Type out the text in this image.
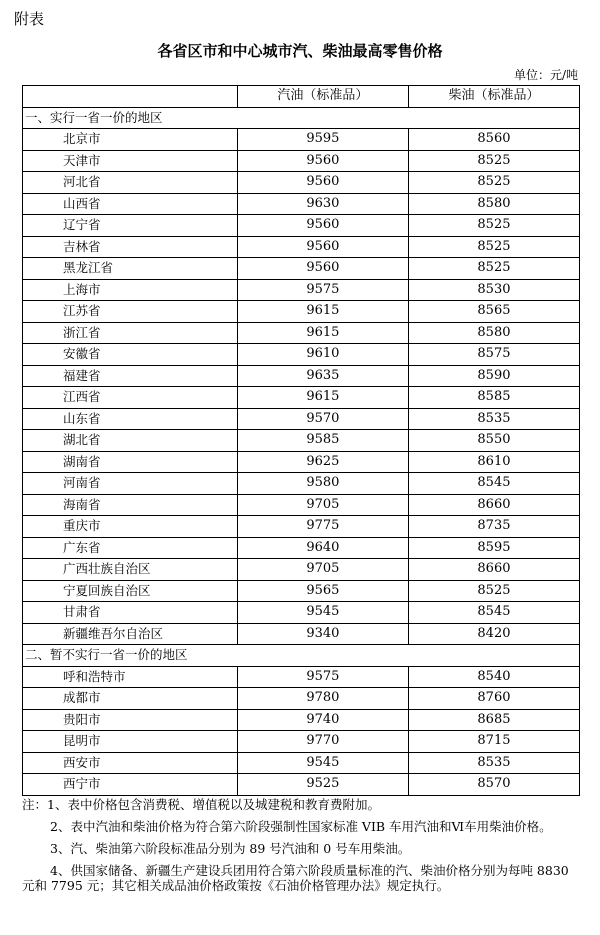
附表
各省区市和中心城市汽、柴油最高零售价格
单位：元/吨
	汽油（标准品）	柴油（标准品）
一、实行一省一价的地区		
北京市	9595	8560
天津市	9560	8525
河北省	9560	8525
山西省	9630	8580
辽宁省	9560	8525
吉林省	9560	8525
黑龙江省	9560	8525
上海市	9575	8530
江苏省	9615	8565
浙江省	9615	8580
安徽省	9610	8575
福建省	9635	8590
江西省	9615	8585
山东省	9570	8535
湖北省	9585	8550
湖南省	9625	8610
河南省	9580	8545
海南省	9705	8660
重庆市	9775	8735
广东省	9640	8595
广西壮族自治区	9705	8660
宁夏回族自治区	9565	8525
甘肃省	9545	8545
新疆维吾尔自治区	9340	8420
二、暂不实行一省一价的地区		
呼和浩特市	9575	8540
成都市	9780	8760
贵阳市	9740	8685
昆明市	9770	8715
西安市	9545	8535
西宁市	9525	8570

注：1、表中价格包含消费税、增值税以及城建税和教育费附加。

2、表中汽油和柴油价格为符合第六阶段强制性国家标准 VIB 车用汽油和Ⅵ车用柴油价格。

3、汽、柴油第六阶段标准品分别为 89 号汽油和 0 号车用柴油。

4、供国家储备、新疆生产建设兵团用符合第六阶段质量标准的汽、柴油价格分别为每吨 8830 元和 7795 元；其它相关成品油价格政策按《石油价格管理办法》规定执行。
